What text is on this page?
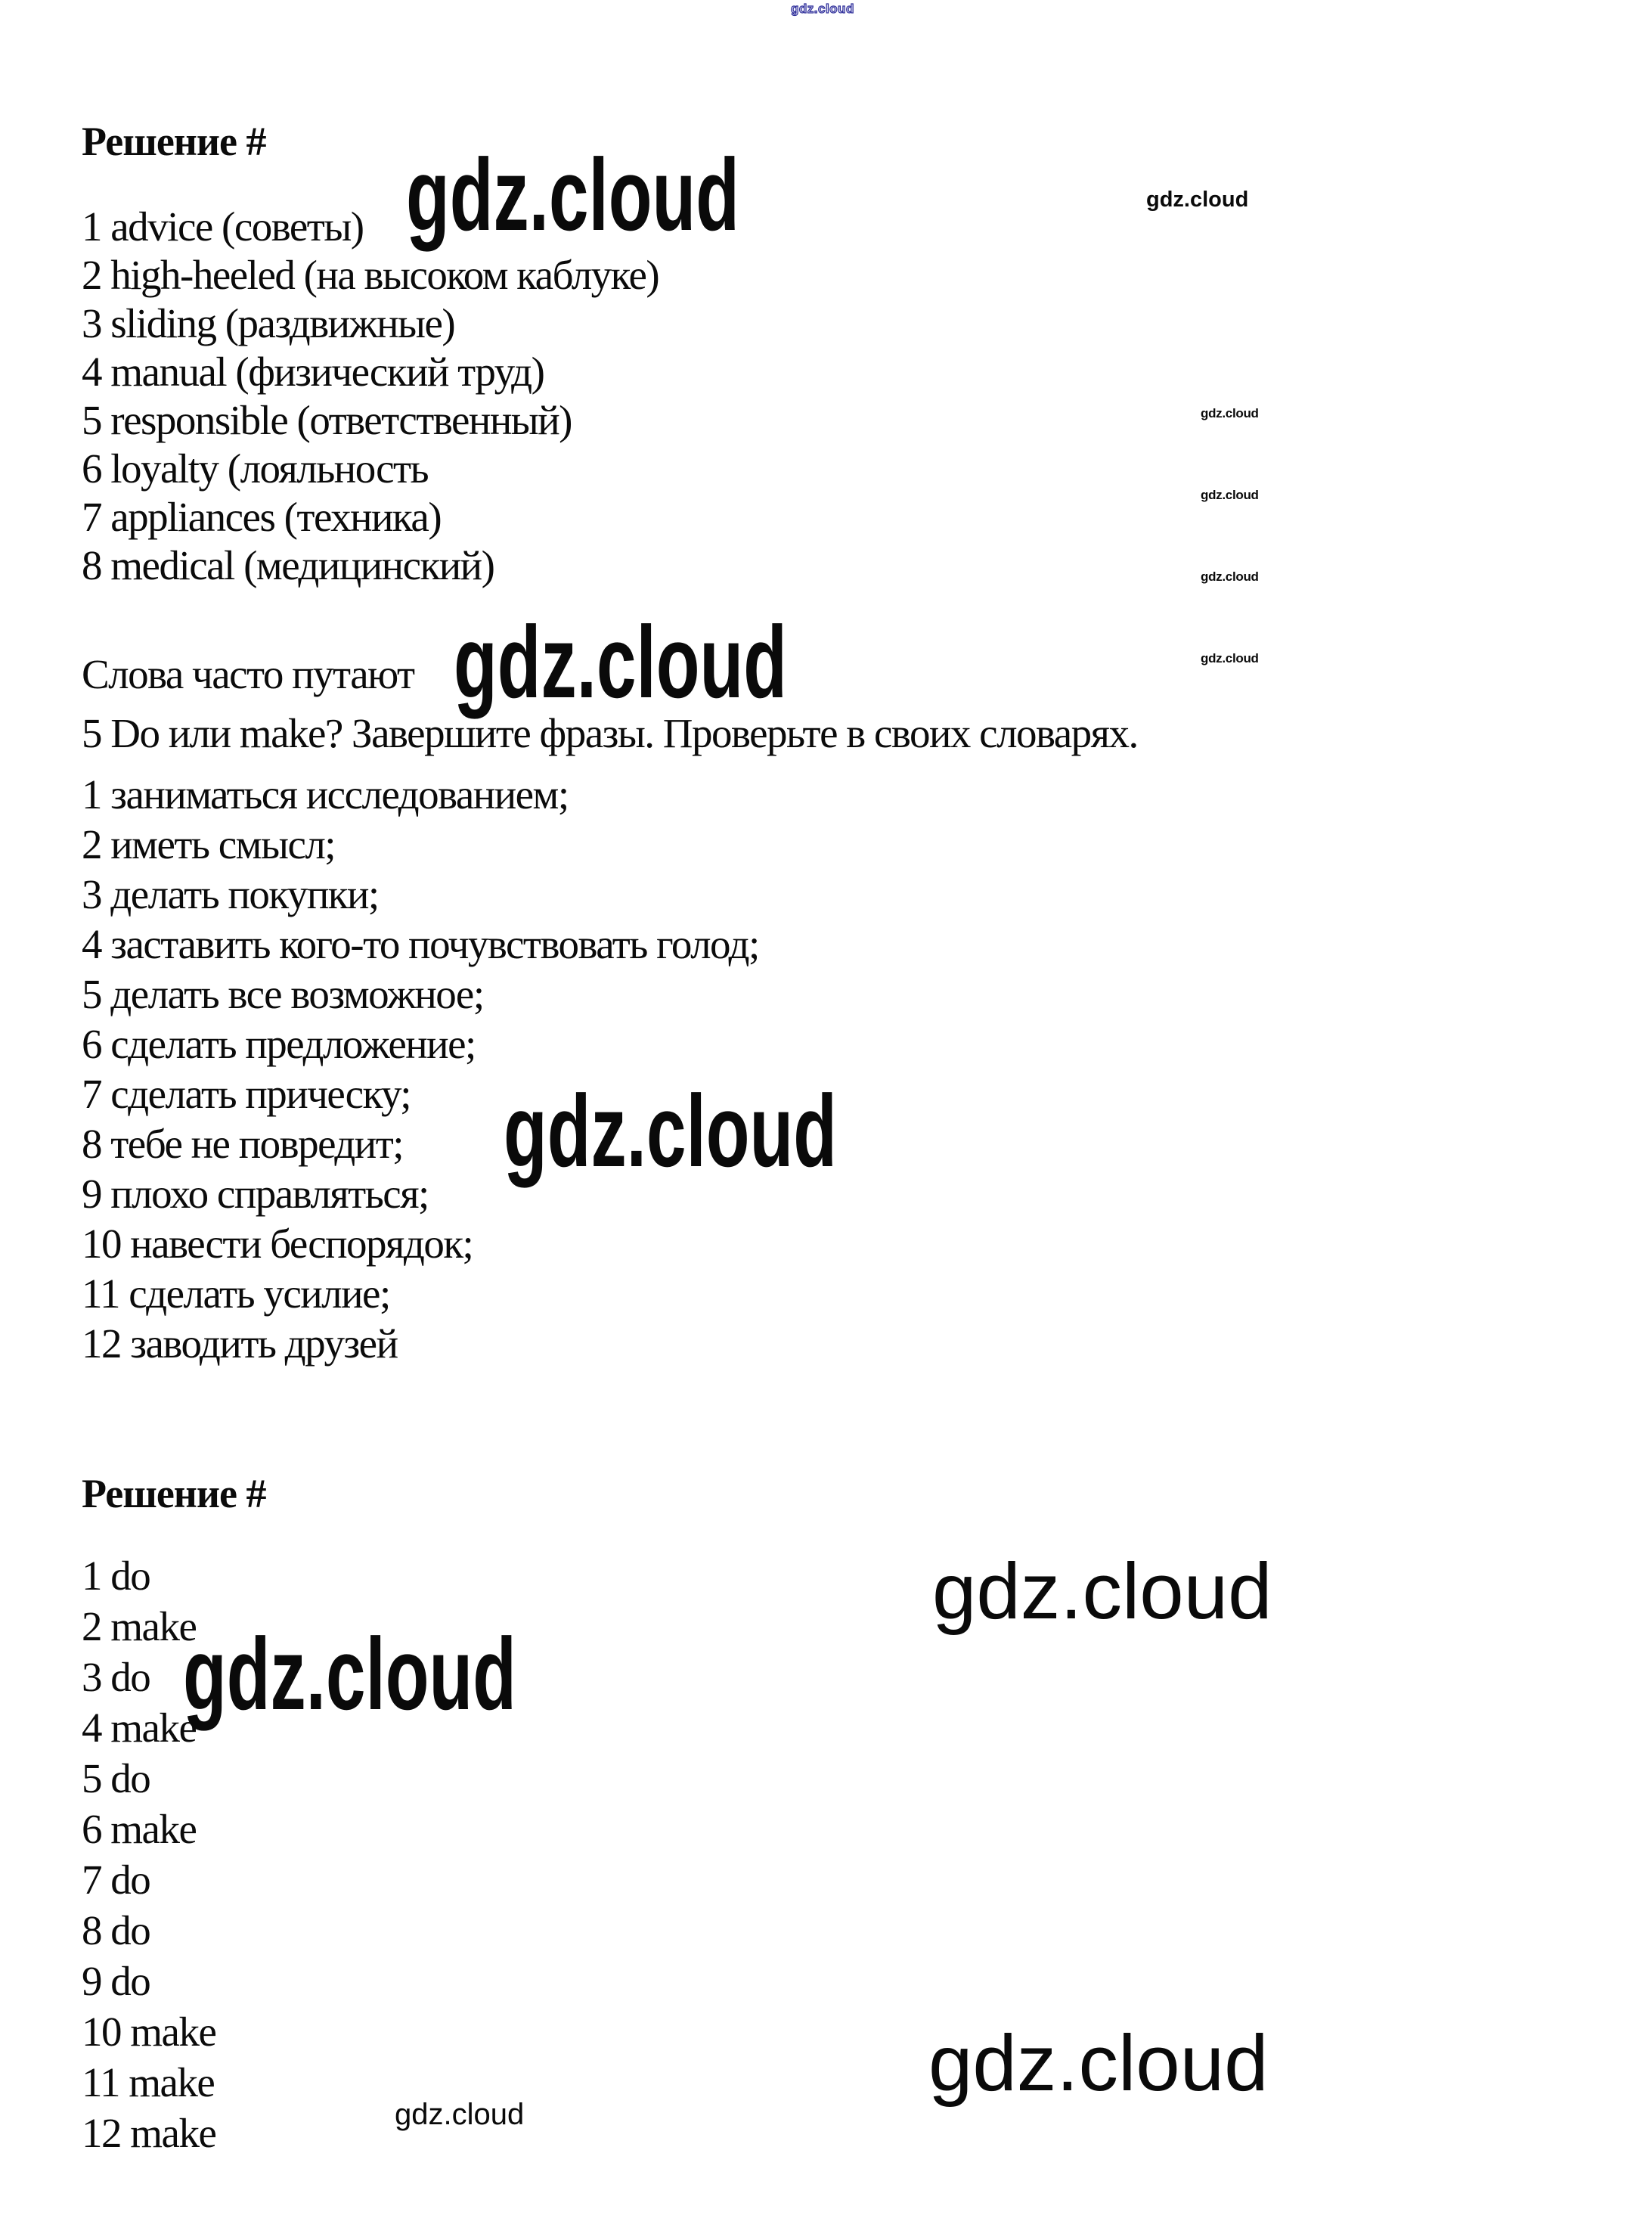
gdz.cloud
Решение # gdz.cloud	gdz.cloud
gdz.cloud
gdz.cloud
gdz.cloud
gdz.cloud
1 advice (советы)
2 high-heeled (на высоком каблуке)
3 sliding (раздвижные)
4 manual (физический труд)
5 responsible (ответственный)
6 loyalty (лояльность
7 appliances (техника)
8 medical (медицинский)
gdz.cloud
Слова часто путают
5 Do или make? Завершите фразы. Проверьте в своих словарях.
1 заниматься исследованием;
2 иметь смысл;
3 делать покупки;
4 заставить кого-то почувствовать голод;
5 делать все возможное;
6 сделать предложение;
7 сделать прическу;
8 тебе не повредит;
9 плохо справляться;
10 навести беспорядок;
11 сделать усилие;
12 заводить друзей
gdz.cloud
Решение #
1 do
2 make
3 do
4 make
5 do
6 make
7 do
8 do
9 do
10 make
11 make
12 make
gdz.cloud
gdz.cloud
gdz.cloud
gdz.cloud
